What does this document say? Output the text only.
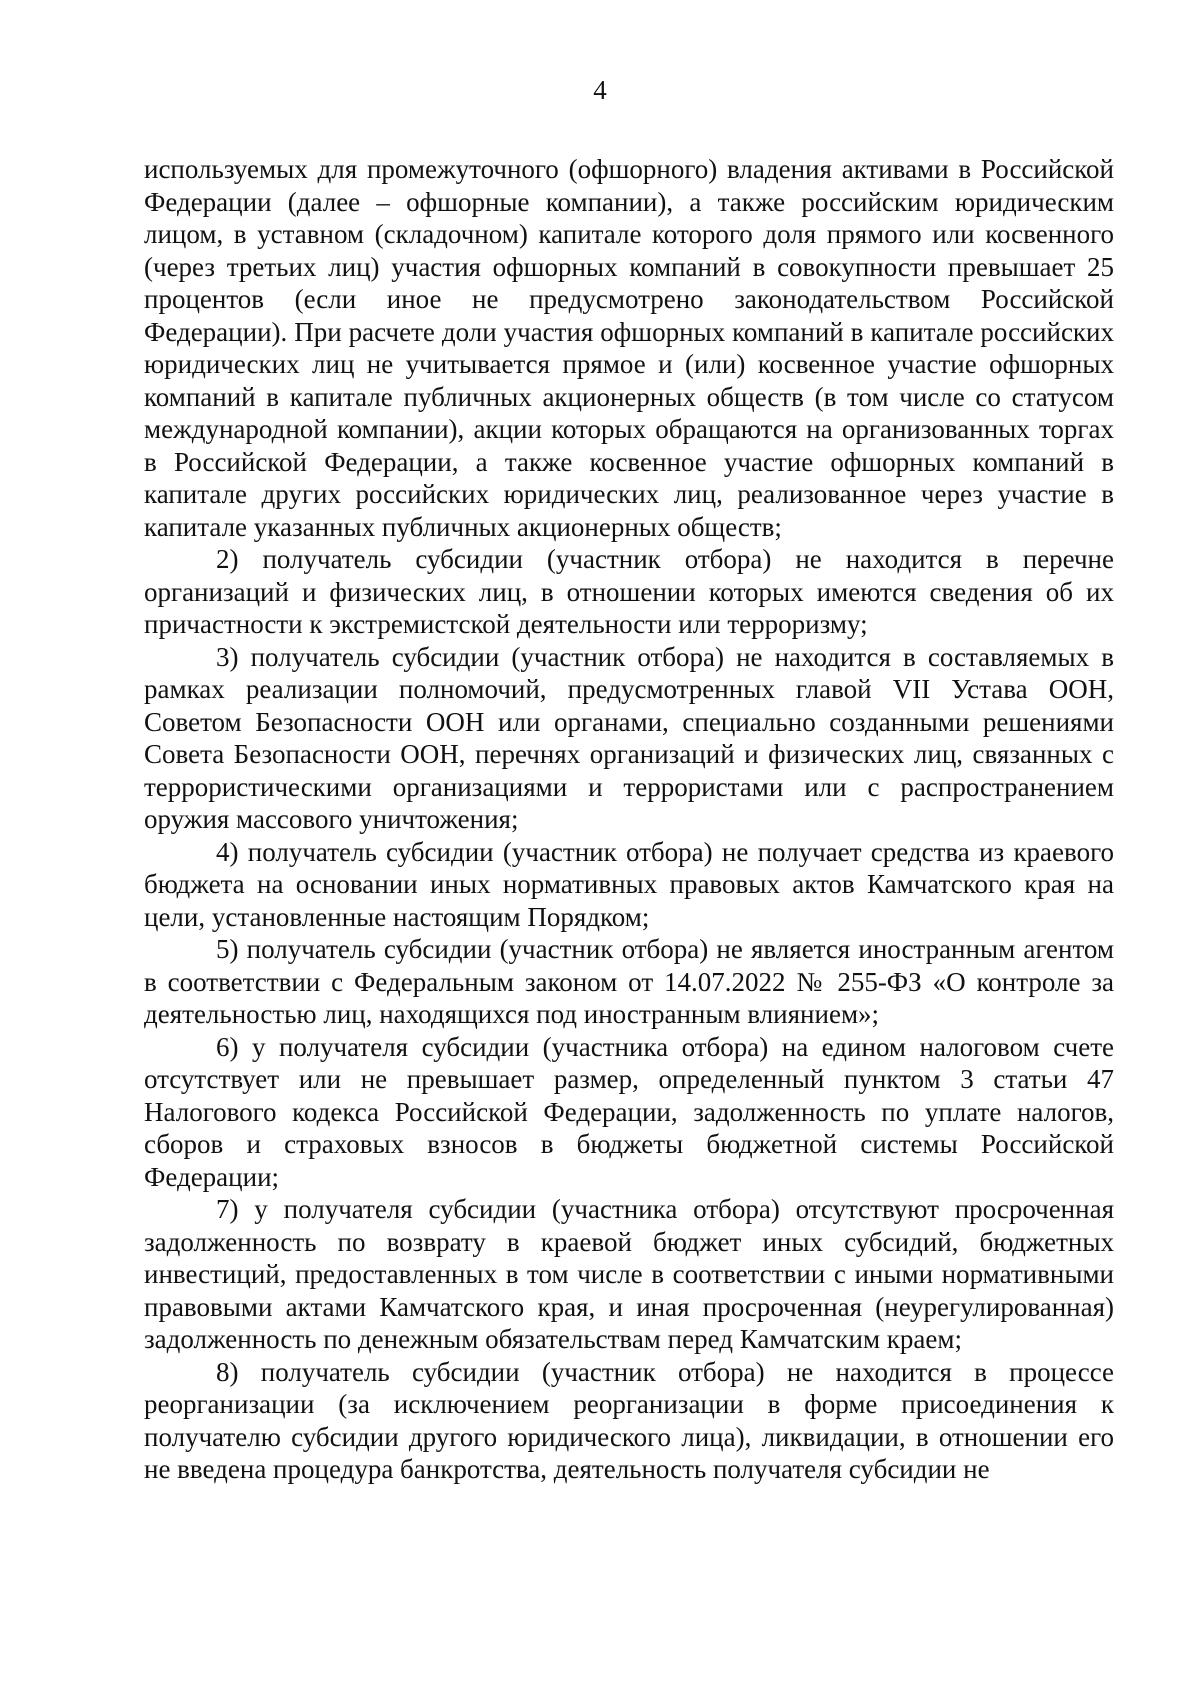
4

используемых для промежуточного (офшорного) владения активами в Российской Федерации (далее – офшорные компании), а также российским юридическим лицом, в уставном (складочном) капитале которого доля прямого или косвенного (через третьих лиц) участия офшорных компаний в совокупности превышает 25 процентов (если иное не предусмотрено законодательством Российской Федерации). При расчете доли участия офшорных компаний в капитале российских юридических лиц не учитывается прямое и (или) косвенное участие офшорных компаний в капитале публичных акционерных обществ (в том числе со статусом международной компании), акции которых обращаются на организованных торгах в Российской Федерации, а также косвенное участие офшорных компаний в капитале других российских юридических лиц, реализованное через участие в капитале указанных публичных акционерных обществ;

2) получатель субсидии (участник отбора) не находится в перечне организаций и физических лиц, в отношении которых имеются сведения об их причастности к экстремистской деятельности или терроризму;

3) получатель субсидии (участник отбора) не находится в составляемых в рамках реализации полномочий, предусмотренных главой VII Устава ООН, Советом Безопасности ООН или органами, специально созданными решениями Совета Безопасности ООН, перечнях организаций и физических лиц, связанных с террористическими организациями и террористами или с распространением оружия массового уничтожения;

4) получатель субсидии (участник отбора) не получает средства из краевого бюджета на основании иных нормативных правовых актов Камчатского края на цели, установленные настоящим Порядком;

5) получатель субсидии (участник отбора) не является иностранным агентом в соответствии с Федеральным законом от 14.07.2022 № 255-ФЗ «О контроле за деятельностью лиц, находящихся под иностранным влиянием»;

6) у получателя субсидии (участника отбора) на едином налоговом счете отсутствует или не превышает размер, определенный пунктом 3 статьи 47 Налогового кодекса Российской Федерации, задолженность по уплате налогов, сборов и страховых взносов в бюджеты бюджетной системы Российской Федерации;

7) у получателя субсидии (участника отбора) отсутствуют просроченная задолженность по возврату в краевой бюджет иных субсидий, бюджетных инвестиций, предоставленных в том числе в соответствии с иными нормативными правовыми актами Камчатского края, и иная просроченная (неурегулированная) задолженность по денежным обязательствам перед Камчатским краем;

8) получатель субсидии (участник отбора) не находится в процессе реорганизации (за исключением реорганизации в форме присоединения к получателю субсидии другого юридического лица), ликвидации, в отношении его не введена процедура банкротства, деятельность получателя субсидии не
